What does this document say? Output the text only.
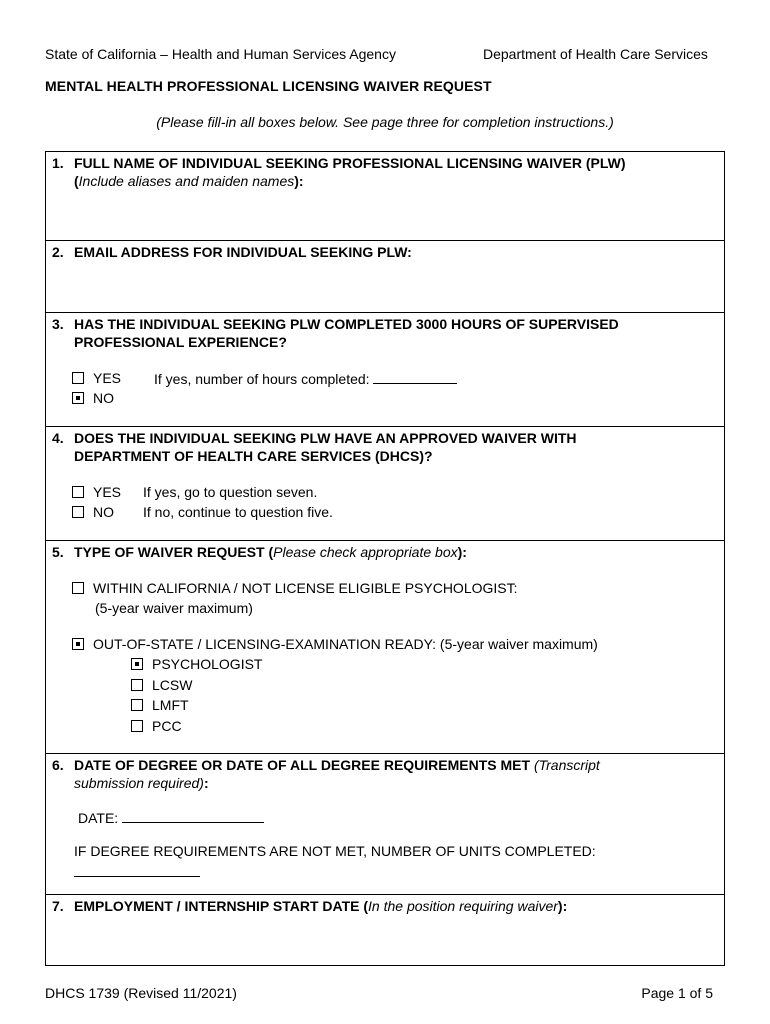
State of California – Health and Human Services Agency	Department of Health Care Services
MENTAL HEALTH PROFESSIONAL LICENSING WAIVER REQUEST
(Please fill-in all boxes below. See page three for completion instructions.)
1. FULL NAME OF INDIVIDUAL SEEKING PROFESSIONAL LICENSING WAIVER (PLW)
(Include aliases and maiden names):
2. EMAIL ADDRESS FOR INDIVIDUAL SEEKING PLW:
3. HAS THE INDIVIDUAL SEEKING PLW COMPLETED 3000 HOURS OF SUPERVISED
PROFESSIONAL EXPERIENCE?
YES If yes, number of hours completed:
NO
4. DOES THE INDIVIDUAL SEEKING PLW HAVE AN APPROVED WAIVER WITH
DEPARTMENT OF HEALTH CARE SERVICES (DHCS)?
YES If yes, go to question seven.
NO If no, continue to question five.
5. TYPE OF WAIVER REQUEST (Please check appropriate box):
WITHIN CALIFORNIA / NOT LICENSE ELIGIBLE PSYCHOLOGIST:
(5-year waiver maximum)
OUT-OF-STATE / LICENSING-EXAMINATION READY: (5-year waiver maximum)
PSYCHOLOGIST
LCSW
LMFT
PCC
6. DATE OF DEGREE OR DATE OF ALL DEGREE REQUIREMENTS MET (Transcript
submission required):
DATE:
IF DEGREE REQUIREMENTS ARE NOT MET, NUMBER OF UNITS COMPLETED:
7. EMPLOYMENT / INTERNSHIP START DATE (In the position requiring waiver):
DHCS 1739 (Revised 11/2021)	Page 1 of 5
